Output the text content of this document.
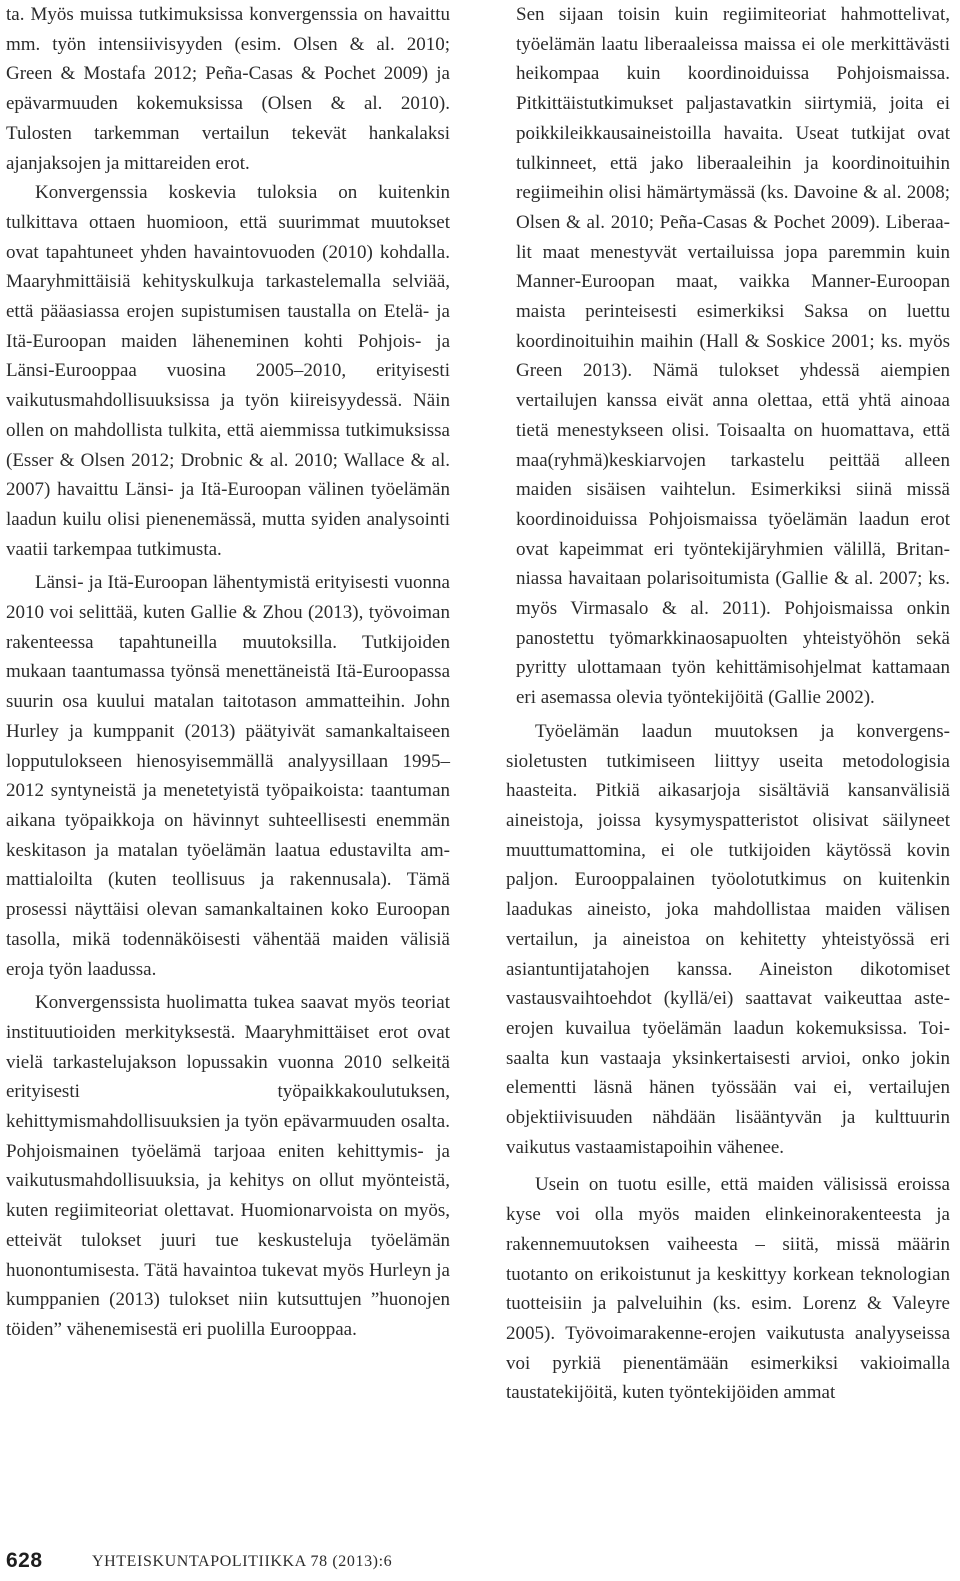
ta. Myös muissa tutkimuksissa konvergenssia on havaittu mm. työn intensiivisyyden (esim. Olsen & al. 2010; Green & Mostafa 2012; Peña-Casas & Pochet 2009) ja epävarmuuden kokemuksissa (Olsen & al. 2010). Tulosten tarkemman vertailun tekevät hankalaksi ajanjaksojen ja mittareiden erot.

Konvergenssia koskevia tuloksia on kuitenkin tulkittava ottaen huomioon, että suurimmat muutokset ovat tapahtuneet yhden havaintovuoden (2010) kohdalla. Maaryhmittäisiä kehityskulkuja tarkastelemalla selviää, että pääasiassa erojen supistumisen taustalla on Etelä- ja Itä-Euroopan maiden läheneminen kohti Pohjois- ja Länsi-Eurooppaa vuosina 2005–2010, erityisesti vaikutusmahdollisuuksissa ja työn kiireisyydessä. Näin ollen on mahdollista tulkita, että aiemmissa tutkimuksissa (Esser & Olsen 2012; Drobnic & al. 2010; Wallace & al. 2007) havaittu Länsi- ja Itä-Euroopan välinen työelämän laadun kuilu olisi pienenemässä, mutta syiden analysointi vaatii tarkempaa tutkimusta.

Länsi- ja Itä-Euroopan lähentymistä erityisesti vuonna 2010 voi selittää, kuten Gallie & Zhou (2013), työvoiman rakenteessa tapahtuneilla muutoksilla. Tutkijoiden mukaan taantumassa työnsä menettäneistä Itä-Euroopassa suurin osa kuului matalan taitotason ammatteihin. John Hurley ja kumppanit (2013) päätyivät samankaltaiseen lopputulokseen hienosyisemmällä analyysillaan 1995–2012 syntyneistä ja menetetyistä työpaikoista: taantuman aikana työpaikkoja on hävinnyt suhteellisesti enemmän keskitason ja matalan työelämän laatua edustavilta ammattialoilta (kuten teollisuus ja rakennusala). Tämä prosessi näyttäisi olevan samankaltainen koko Euroopan tasolla, mikä todennäköisesti vähentää maiden välisiä eroja työn laadussa.

Konvergenssista huolimatta tukea saavat myös teoriat instituutioiden merkityksestä. Maaryhmittäiset erot ovat vielä tarkastelujakson lopussakin vuonna 2010 selkeitä erityisesti työpaikkakoulutuksen, kehittymismahdollisuuksien ja työn epävarmuuden osalta. Pohjoismainen työelämä tarjoaa eniten kehittymis- ja vaikutusmahdollisuuksia, ja kehitys on ollut myönteistä, kuten regiimiteoriat olettavat. Huomionarvoista on myös, etteivät tulokset juuri tue keskusteluja työelämän huonontumisesta. Tätä havaintoa tukevat myös Hurleyn ja kumppanien (2013) tulokset niin kutsuttujen ”huonojen töiden” vähenemisestä eri puolilla Eurooppaa.

Sen sijaan toisin kuin regiimiteoriat hahmottelivat, työelämän laatu liberaaleissa maissa ei ole merkittävästi heikompaa kuin koordinoiduissa Pohjoismaissa. Pitkittäistutkimukset paljastavatkin siirtymiä, joita ei poikkileikkausaineistoilla havaita. Useat tutkijat ovat tulkinneet, että jako liberaaleihin ja koordinoituihin regiimeihin olisi hämärtymässä (ks. Davoine & al. 2008; Olsen & al. 2010; Peña-Casas & Pochet 2009). Liberaalit maat menestyvät vertailuissa jopa paremmin kuin Manner-Euroopan maat, vaikka Manner-Euroopan maista perinteisesti esimerkiksi Saksa on luettu koordinoituihin maihin (Hall & Soskice 2001; ks. myös Green 2013). Nämä tulokset yhdessä aiempien vertailujen kanssa eivät anna olettaa, että yhtä ainoaa tietä menestykseen olisi. Toisaalta on huomattava, että maa(ryhmä)keskiarvojen tarkastelu peittää alleen maiden sisäisen vaihtelun. Esimerkiksi siinä missä koordinoiduissa Pohjoismaissa työelämän laadun erot ovat kapeimmat eri työntekijäryhmien välillä, Britanniassa havaitaan polarisoitumista (Gallie & al. 2007; ks. myös Virmasalo & al. 2011). Pohjoismaissa onkin panostettu työmarkkinaosapuolten yhteistyöhön sekä pyritty ulottamaan työn kehittämisohjelmat kattamaan eri asemassa olevia työntekijöitä (Gallie 2002).

Työelämän laadun muutoksen ja konvergenssioletusten tutkimiseen liittyy useita metodologisia haasteita. Pitkiä aikasarjoja sisältäviä kansanvälisiä aineistoja, joissa kysymyspatteristot olisivat säilyneet muuttumattomina, ei ole tutkijoiden käytössä kovin paljon. Eurooppalainen työolotutkimus on kuitenkin laadukas aineisto, joka mahdollistaa maiden välisen vertailun, ja aineistoa on kehitetty yhteistyössä eri asiantuntijatahojen kanssa. Aineiston dikotomiset vastausvaihtoehdot (kyllä/ei) saattavat vaikeuttaa aste-erojen kuvailua työelämän laadun kokemuksissa. Toisaalta kun vastaaja yksinkertaisesti arvioi, onko jokin elementti läsnä hänen työssään vai ei, vertailujen objektiivisuuden nähdään lisääntyvän ja kulttuurin vaikutus vastaamistapoihin vähenee.

Usein on tuotu esille, että maiden välisissä eroissa kyse voi olla myös maiden elinkeinorakenteesta ja rakennemuutoksen vaiheesta – siitä, missä määrin tuotanto on erikoistunut ja keskittyy korkean teknologian tuotteisiin ja palveluihin (ks. esim. Lorenz & Valeyre 2005). Työvoimarakenne-erojen vaikutusta analyyseissa voi pyrkiä pienentämään esimerkiksi vakioimalla taustatekijöitä, kuten työntekijöiden ammat

628	YHTEISKUNTAPOLITIIKKA 78 (2013):6
